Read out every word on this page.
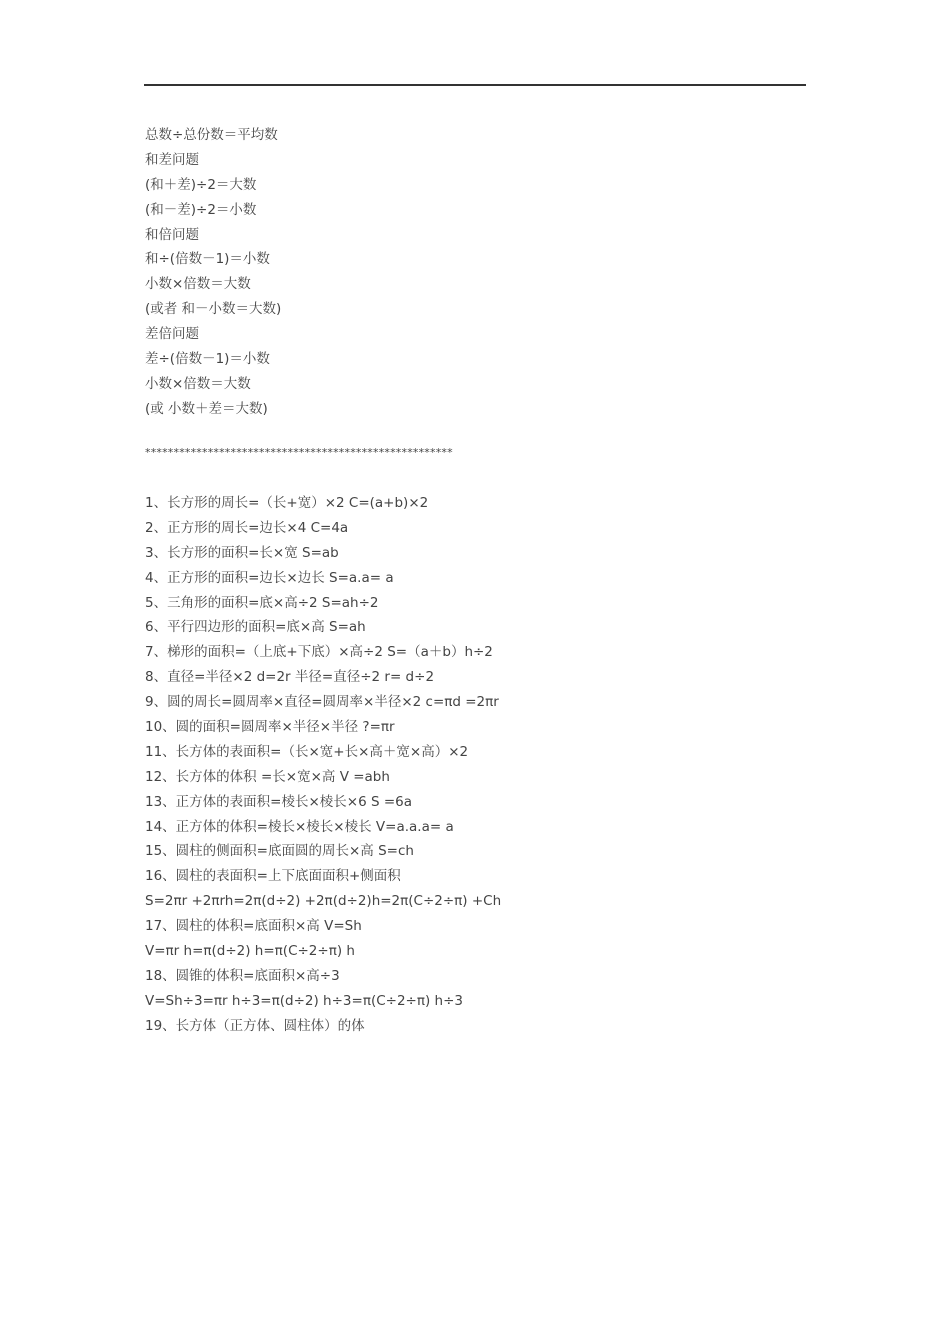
总数÷总份数＝平均数
和差问题
(和＋差)÷2＝大数
(和－差)÷2＝小数
和倍问题
和÷(倍数－1)＝小数
小数×倍数＝大数
(或者 和－小数＝大数)
差倍问题
差÷(倍数－1)＝小数
小数×倍数＝大数
(或 小数＋差＝大数)
******************************************************
1、长方形的周长=（长+宽）×2 C=(a+b)×2
2、正方形的周长=边长×4 C=4a
3、长方形的面积=长×宽 S=ab
4、正方形的面积=边长×边长 S=a.a= a
5、三角形的面积=底×高÷2 S=ah÷2
6、平行四边形的面积=底×高 S=ah
7、梯形的面积=（上底+下底）×高÷2 S=（a＋b）h÷2
8、直径=半径×2 d=2r 半径=直径÷2 r= d÷2
9、圆的周长=圆周率×直径=圆周率×半径×2 c=πd =2πr
10、圆的面积=圆周率×半径×半径 ?=πr
11、长方体的表面积=（长×宽+长×高＋宽×高）×2
12、长方体的体积 =长×宽×高 V =abh
13、正方体的表面积=棱长×棱长×6 S =6a
14、正方体的体积=棱长×棱长×棱长 V=a.a.a= a
15、圆柱的侧面积=底面圆的周长×高 S=ch
16、圆柱的表面积=上下底面面积+侧面积
S=2πr +2πrh=2π(d÷2) +2π(d÷2)h=2π(C÷2÷π) +Ch
17、圆柱的体积=底面积×高 V=Sh
V=πr h=π(d÷2) h=π(C÷2÷π) h
18、圆锥的体积=底面积×高÷3
V=Sh÷3=πr h÷3=π(d÷2) h÷3=π(C÷2÷π) h÷3
19、长方体（正方体、圆柱体）的体
